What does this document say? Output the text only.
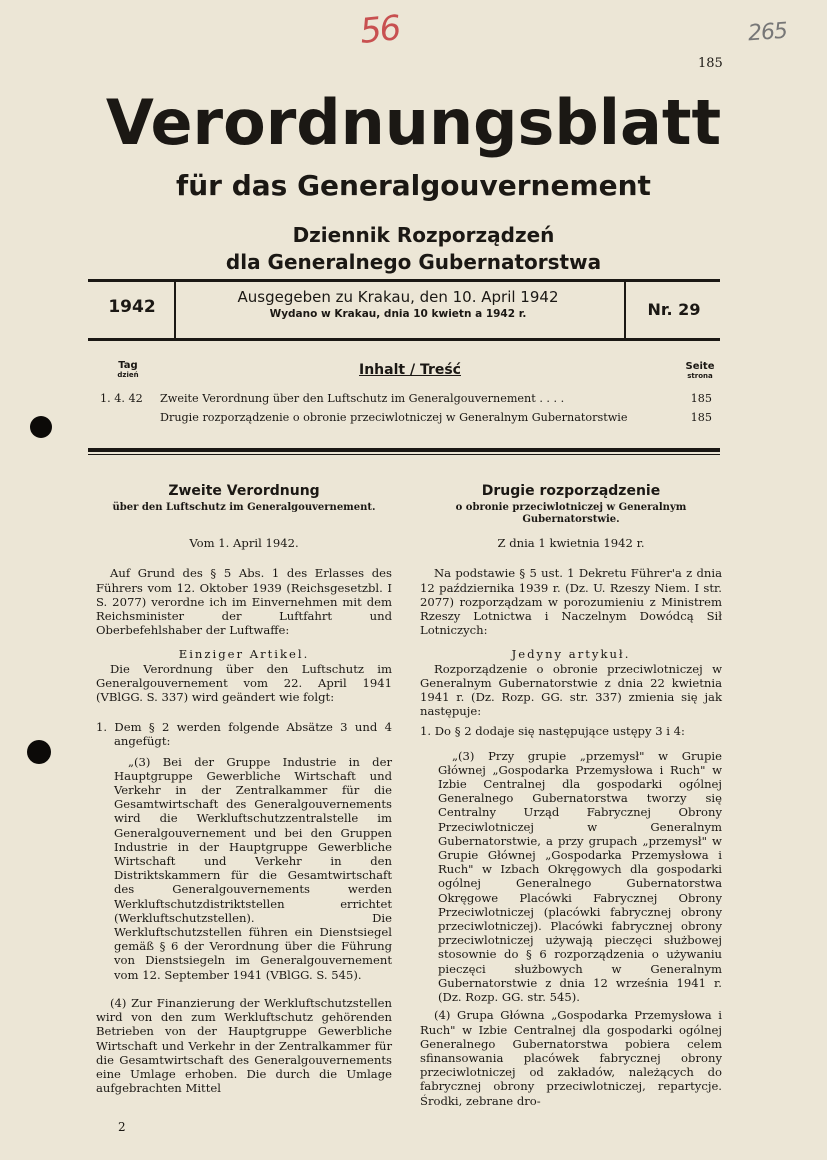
56	265
185
Verordnungsblatt
für das Generalgouvernement
Dziennik Rozporządzeń
dla Generalnego Gubernatorstwa
1942	Ausgegeben zu Krakau, den 10. April 1942
Wydano w Krakau, dnia 10 kwietn a 1942 r.	Nr. 29
Tag
dzień	Inhalt / Treść	Seite
strona
1. 4. 42 Zweite Verordnung über den Luftschutz im Generalgouvernement . . . .	185
Drugie rozporządzenie o obronie przeciwlotniczej w Generalnym Gubernatorstwie	185
Zweite Verordnung
über den Luftschutz im Generalgouvernement.
Vom 1. April 1942.

Auf Grund des § 5 Abs. 1 des Erlasses des Führers vom 12. Oktober 1939 (Reichsgesetzbl. I S. 2077) verordne ich im Einvernehmen mit dem Reichsminister der Luftfahrt und Oberbefehlshaber der Luftwaffe:

Einziger Artikel.

Die Verordnung über den Luftschutz im Generalgouvernement vom 22. April 1941 (VBlGG. S. 337) wird geändert wie folgt:

1. Dem § 2 werden folgende Absätze 3 und 4 angefügt:

„(3) Bei der Gruppe Industrie in der Hauptgruppe Gewerbliche Wirtschaft und Verkehr in der Zentralkammer für die Gesamtwirtschaft des Generalgouvernements wird die Werkluftschutzzentralstelle im Generalgouvernement und bei den Gruppen Industrie in der Hauptgruppe Gewerbliche Wirtschaft und Verkehr in den Distriktskammern für die Gesamtwirtschaft des Generalgouvernements werden Werkluftschutzdistriktstellen errichtet (Werkluftschutzstellen). Die Werkluftschutzstellen führen ein Dienstsiegel gemäß § 6 der Verordnung über die Führung von Dienstsiegeln im Generalgouvernement vom 12. September 1941 (VBlGG. S. 545).

(4) Zur Finanzierung der Werkluftschutzstellen wird von den zum Werkluftschutz gehörenden Betrieben von der Hauptgruppe Gewerbliche Wirtschaft und Verkehr in der Zentralkammer für die Gesamtwirtschaft des Generalgouvernements eine Umlage erhoben. Die durch die Umlage aufgebrachten Mittel

Drugie rozporządzenie
o obronie przeciwlotniczej w Generalnym Gubernatorstwie.
Z dnia 1 kwietnia 1942 r.

Na podstawie § 5 ust. 1 Dekretu Führer'a z dnia 12 października 1939 r. (Dz. U. Rzeszy Niem. I str. 2077) rozporządzam w porozumieniu z Ministrem Rzeszy Lotnictwa i Naczelnym Dowódcą Sił Lotniczych:

Jedyny artykuł.

Rozporządzenie o obronie przeciwlotniczej w Generalnym Gubernatorstwie z dnia 22 kwietnia 1941 r. (Dz. Rozp. GG. str. 337) zmienia się jak następuje:

1. Do § 2 dodaje się następujące ustępy 3 i 4:

„(3) Przy grupie „przemysł" w Grupie Głównej „Gospodarka Przemysłowa i Ruch" w Izbie Centralnej dla gospodarki ogólnej Generalnego Gubernatorstwa tworzy się Centralny Urząd Fabrycznej Obrony Przeciwlotniczej w Generalnym Gubernatorstwie, a przy grupach „przemysł" w Grupie Głównej „Gospodarka Przemysłowa i Ruch" w Izbach Okręgowych dla gospodarki ogólnej Generalnego Gubernatorstwa Okręgowe Placówki Fabrycznej Obrony Przeciwlotniczej (placówki fabrycznej obrony przeciwlotniczej). Placówki fabrycznej obrony przeciwlotniczej używają pieczęci służbowej stosownie do § 6 rozporządzenia o używaniu pieczęci służbowych w Generalnym Gubernatorstwie z dnia 12 września 1941 r. (Dz. Rozp. GG. str. 545).

(4) Grupa Główna „Gospodarka Przemysłowa i Ruch" w Izbie Centralnej dla gospodarki ogólnej Generalnego Gubernatorstwa pobiera celem sfinansowania placówek fabrycznej obrony przeciwlotniczej od zakładów, należących do fabrycznej obrony przeciwlotniczej, repartycje. Środki, zebrane dro-

2
